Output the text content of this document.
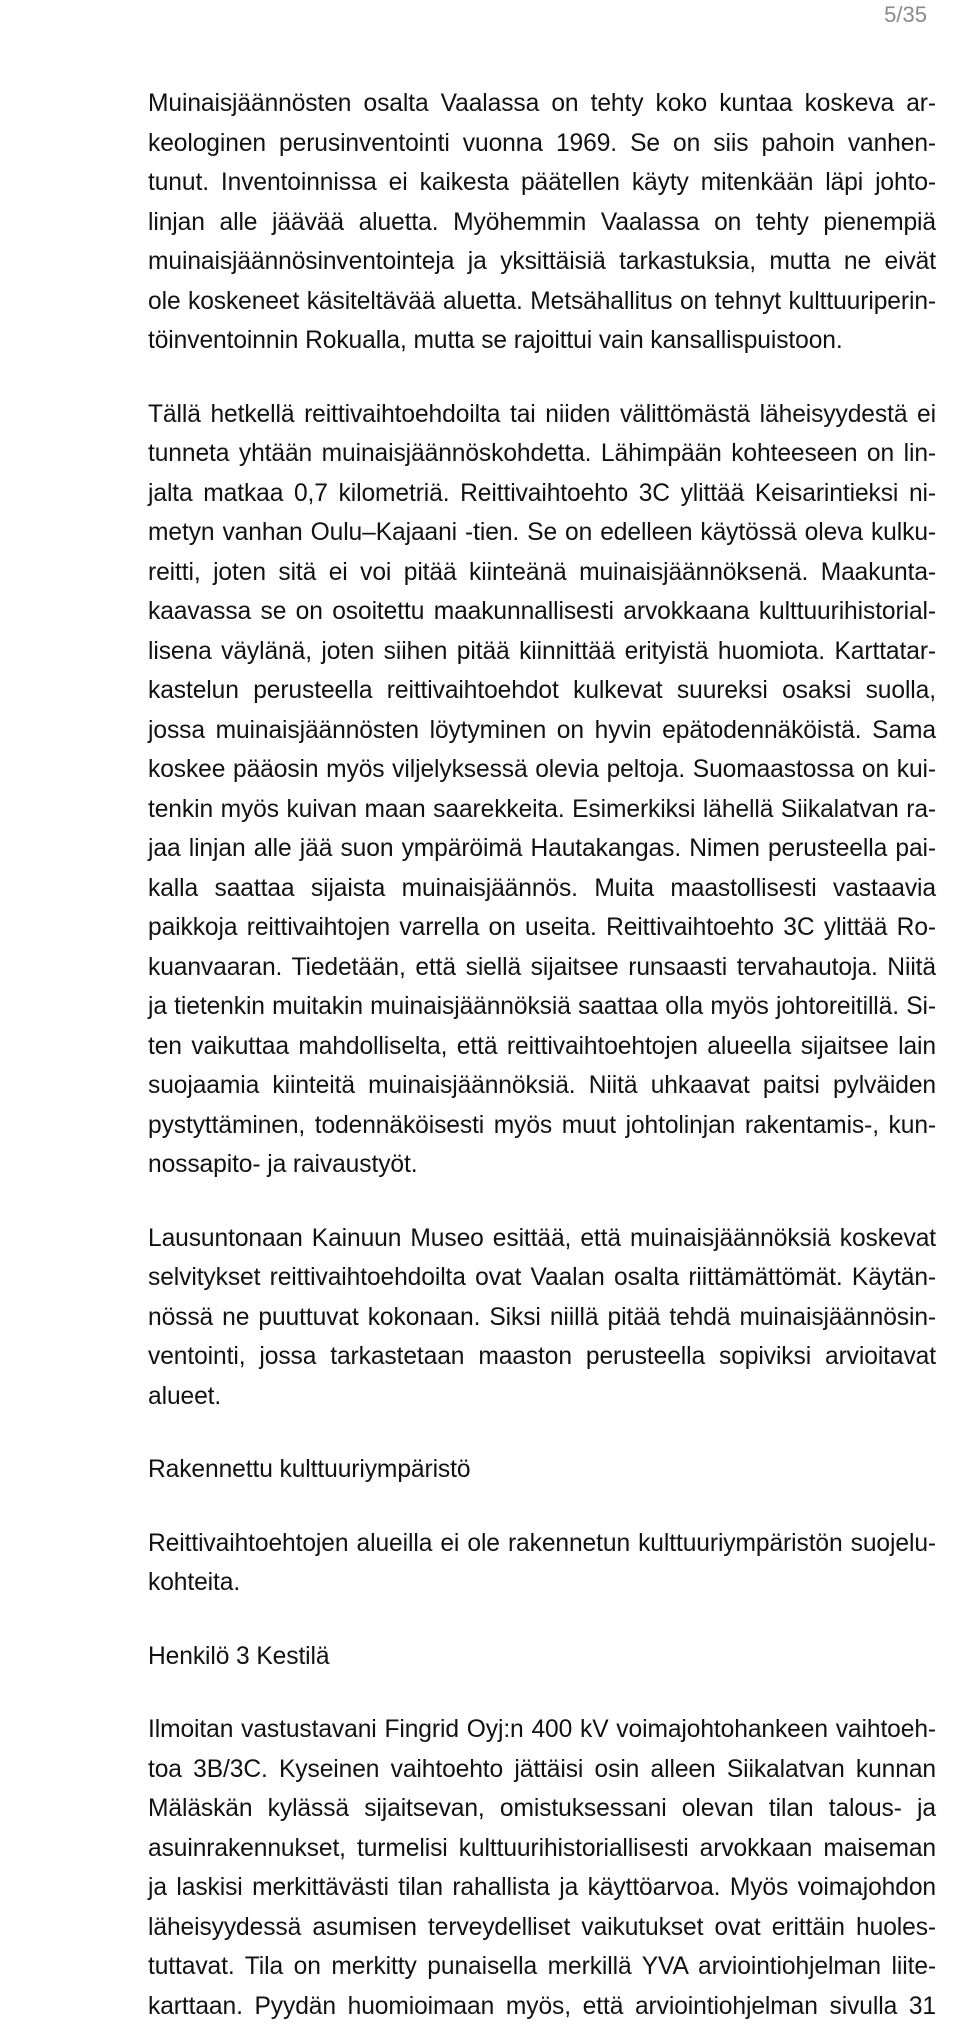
5/35
Muinaisjäännösten osalta Vaalassa on tehty koko kuntaa koskeva ar-
keologinen perusinventointi vuonna 1969. Se on siis pahoin vanhen-
tunut. Inventoinnissa ei kaikesta päätellen käyty mitenkään läpi johto-
linjan alle jäävää aluetta. Myöhemmin Vaalassa on tehty pienempiä
muinaisjäännösinventointeja ja yksittäisiä tarkastuksia, mutta ne eivät
ole koskeneet käsiteltävää aluetta. Metsähallitus on tehnyt kulttuuriperin-
töinventoinnin Rokualla, mutta se rajoittui vain kansallispuistoon.
Tällä hetkellä reittivaihtoehdoilta tai niiden välittömästä läheisyydestä ei
tunneta yhtään muinaisjäännöskohdetta. Lähimpään kohteeseen on lin-
jalta matkaa 0,7 kilometriä. Reittivaihtoehto 3C ylittää Keisarintieksi ni-
metyn vanhan Oulu–Kajaani -tien. Se on edelleen käytössä oleva kulku-
reitti, joten sitä ei voi pitää kiinteänä muinaisjäännöksenä. Maakunta-
kaavassa se on osoitettu maakunnallisesti arvokkaana kulttuurihistorial-
lisena väylänä, joten siihen pitää kiinnittää erityistä huomiota. Karttatar-
kastelun perusteella reittivaihtoehdot kulkevat suureksi osaksi suolla,
jossa muinaisjäännösten löytyminen on hyvin epätodennäköistä. Sama
koskee pääosin myös viljelyksessä olevia peltoja. Suomaastossa on kui-
tenkin myös kuivan maan saarekkeita. Esimerkiksi lähellä Siikalatvan ra-
jaa linjan alle jää suon ympäröimä Hautakangas. Nimen perusteella pai-
kalla saattaa sijaista muinaisjäännös. Muita maastollisesti vastaavia
paikkoja reittivaihtojen varrella on useita. Reittivaihtoehto 3C ylittää Ro-
kuanvaaran. Tiedetään, että siellä sijaitsee runsaasti tervahautoja. Niitä
ja tietenkin muitakin muinaisjäännöksiä saattaa olla myös johtoreitillä. Si-
ten vaikuttaa mahdolliselta, että reittivaihtoehtojen alueella sijaitsee lain
suojaamia kiinteitä muinaisjäännöksiä. Niitä uhkaavat paitsi pylväiden
pystyttäminen, todennäköisesti myös muut johtolinjan rakentamis-, kun-
nossapito- ja raivaustyöt.
Lausuntonaan Kainuun Museo esittää, että muinaisjäännöksiä koskevat
selvitykset reittivaihtoehdoilta ovat Vaalan osalta riittämättömät. Käytän-
nössä ne puuttuvat kokonaan. Siksi niillä pitää tehdä muinaisjäännösin-
ventointi, jossa tarkastetaan maaston perusteella sopiviksi arvioitavat
alueet.
Rakennettu kulttuuriympäristö
Reittivaihtoehtojen alueilla ei ole rakennetun kulttuuriympäristön suojelu-
kohteita.
Henkilö 3 Kestilä
Ilmoitan vastustavani Fingrid Oyj:n 400 kV voimajohtohankeen vaihtoeh-
toa 3B/3C. Kyseinen vaihtoehto jättäisi osin alleen Siikalatvan kunnan
Mäläskän kylässä sijaitsevan, omistuksessani olevan tilan talous- ja
asuinrakennukset, turmelisi kulttuurihistoriallisesti arvokkaan maiseman
ja laskisi merkittävästi tilan rahallista ja käyttöarvoa. Myös voimajohdon
läheisyydessä asumisen terveydelliset vaikutukset ovat erittäin huoles-
tuttavat. Tila on merkitty punaisella merkillä YVA arviointiohjelman liite-
karttaan. Pyydän huomioimaan myös, että arviointiohjelman sivulla 31
